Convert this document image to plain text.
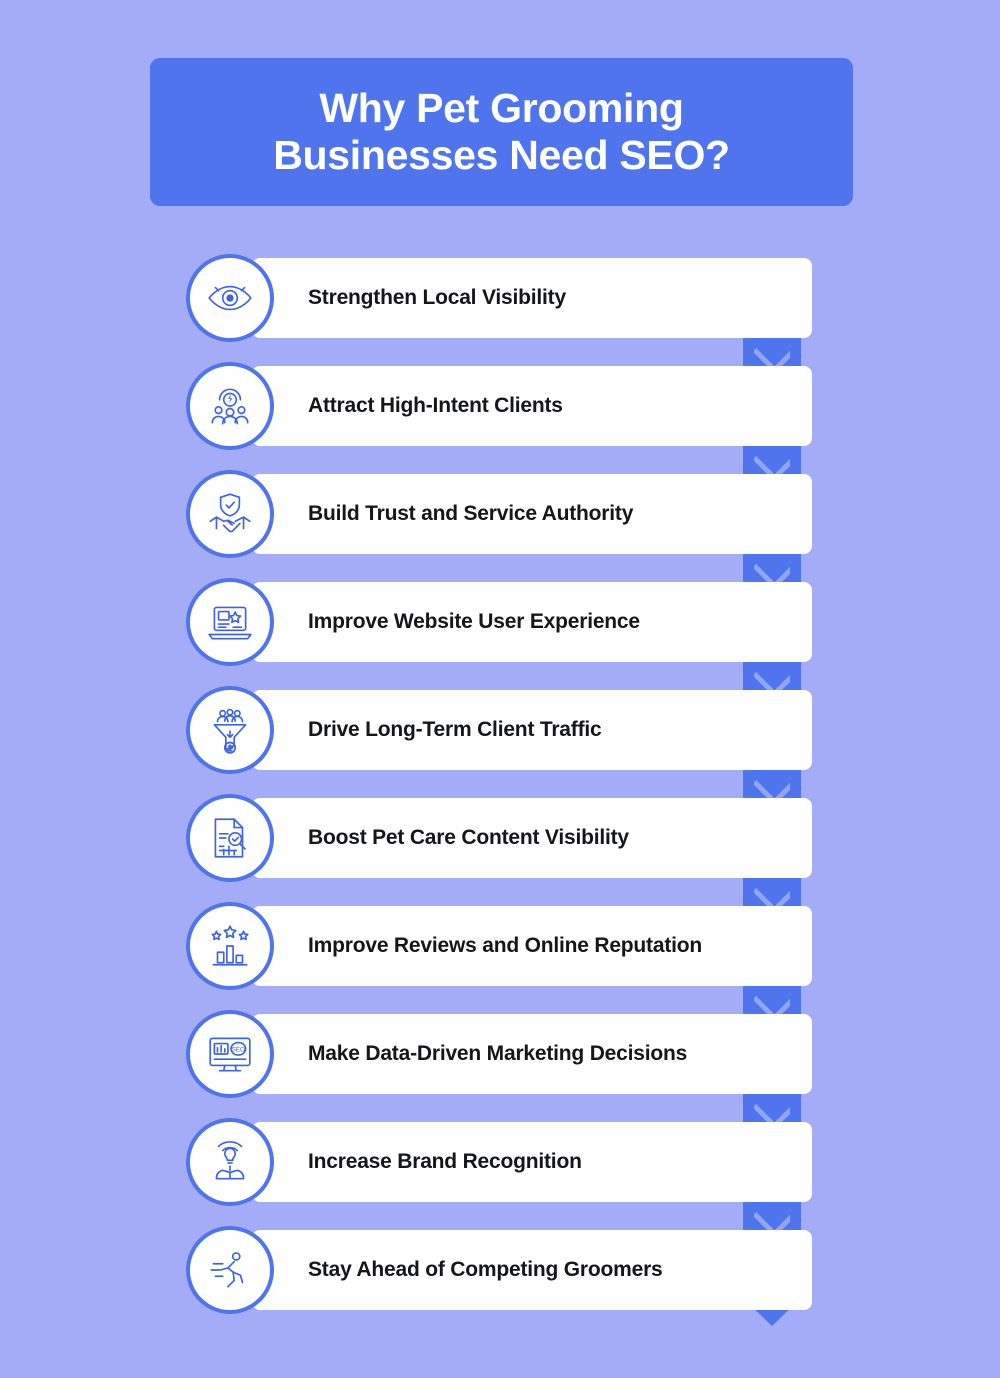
Why Pet Grooming
Businesses Need SEO?
Strengthen Local Visibility	1
Attract High-Intent Clients	2
Build Trust and Service Authority	3
Improve Website User Experience	4
Drive Long-Term Client Traffic	5
Boost Pet Care Content Visibility	6
Improve Reviews and Online Reputation	7
SEO	Make Data-Driven Marketing Decisions	8
Increase Brand Recognition	9
Stay Ahead of Competing Groomers	10
